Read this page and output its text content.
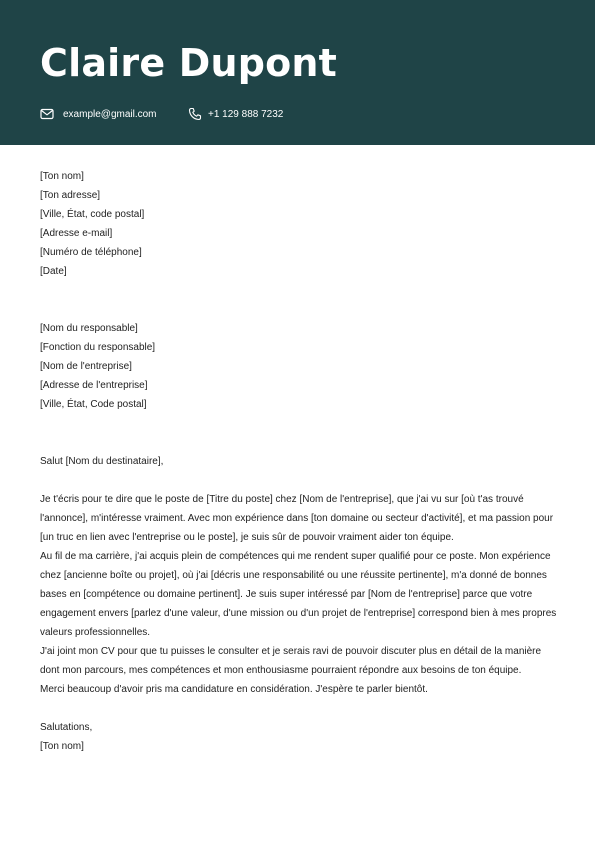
Claire Dupont
example@gmail.com	+1 129 888 7232
[Ton nom]
[Ton adresse]
[Ville, État, code postal]
[Adresse e-mail]
[Numéro de téléphone]
[Date]
[Nom du responsable]
[Fonction du responsable]
[Nom de l'entreprise]
[Adresse de l'entreprise]
[Ville, État, Code postal]
Salut [Nom du destinataire],

Je t'écris pour te dire que le poste de [Titre du poste] chez [Nom de l'entreprise], que j'ai vu sur [où t'as trouvé l'annonce], m'intéresse vraiment. Avec mon expérience dans [ton domaine ou secteur d'activité], et ma passion pour [un truc en lien avec l'entreprise ou le poste], je suis sûr de pouvoir vraiment aider ton équipe.

Au fil de ma carrière, j'ai acquis plein de compétences qui me rendent super qualifié pour ce poste. Mon expérience chez [ancienne boîte ou projet], où j'ai [décris une responsabilité ou une réussite pertinente], m'a donné de bonnes bases en [compétence ou domaine pertinent]. Je suis super intéressé par [Nom de l'entreprise] parce que votre engagement envers [parlez d'une valeur, d'une mission ou d'un projet de l'entreprise] correspond bien à mes propres valeurs professionnelles.

J'ai joint mon CV pour que tu puisses le consulter et je serais ravi de pouvoir discuter plus en détail de la manière dont mon parcours, mes compétences et mon enthousiasme pourraient répondre aux besoins de ton équipe.

Merci beaucoup d'avoir pris ma candidature en considération. J'espère te parler bientôt.

Salutations,
[Ton nom]
